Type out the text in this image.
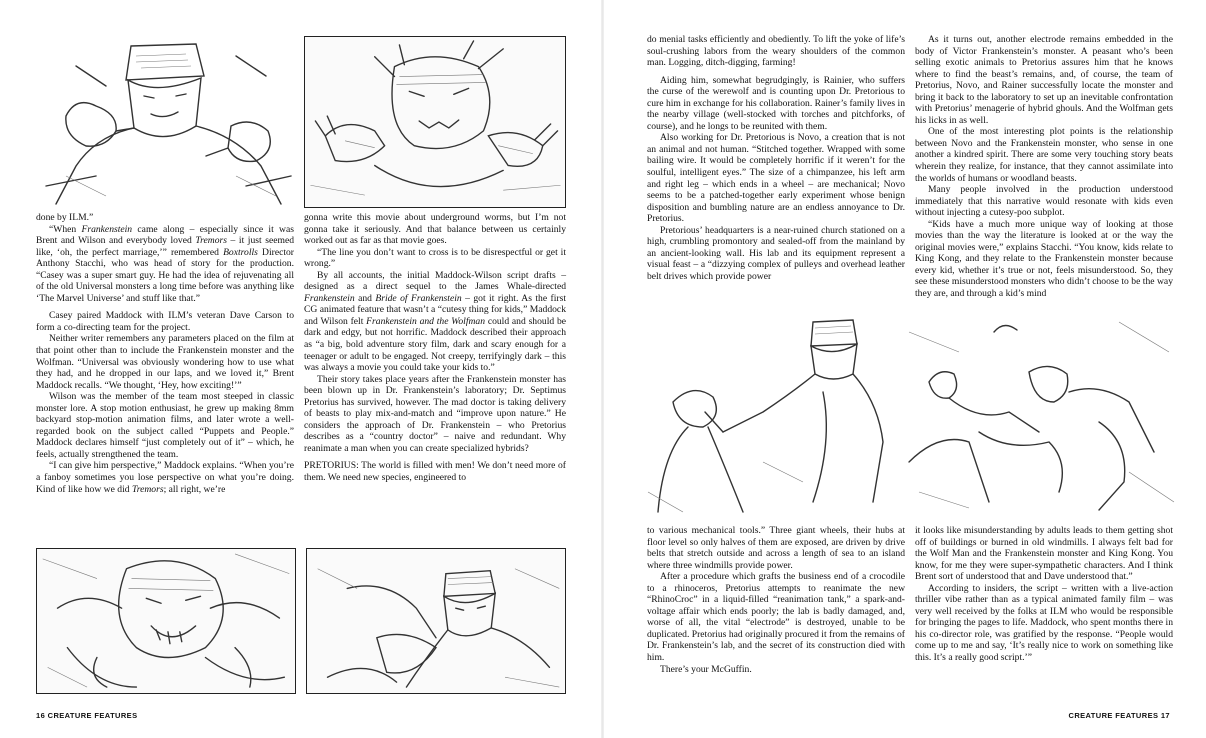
done by ILM.”

“When Frankenstein came along – especially since it was Brent and Wilson and everybody loved Tremors – it just seemed like, ‘oh, the perfect marriage,’” remembered Boxtrolls Director Anthony Stacchi, who was head of story for the production. “Casey was a super smart guy. He had the idea of rejuvenating all of the old Universal monsters a long time before was anything like ‘The Marvel Universe’ and stuff like that.”

Casey paired Maddock with ILM’s veteran Dave Carson to form a co-directing team for the project.

Neither writer remembers any parameters placed on the film at that point other than to include the Frankenstein monster and the Wolfman. “Universal was obviously wondering how to use what they had, and he dropped in our laps, and we loved it,” Brent Maddock recalls. “We thought, ‘Hey, how exciting!’”

Wilson was the member of the team most steeped in classic monster lore. A stop motion enthusiast, he grew up making 8mm backyard stop-motion animation films, and later wrote a well-regarded book on the subject called “Puppets and People.” Maddock declares himself “just completely out of it” – which, he feels, actually strengthened the team.

“I can give him perspective,” Maddock explains. “When you’re a fanboy sometimes you lose perspective on what you’re doing. Kind of like how we did Tremors; all right, we’re

gonna write this movie about underground worms, but I’m not gonna take it seriously. And that balance between us certainly worked out as far as that movie goes.

“The line you don’t want to cross is to be disrespectful or get it wrong.”

By all accounts, the initial Maddock-Wilson script drafts – designed as a direct sequel to the James Whale-directed Frankenstein and Bride of Frankenstein – got it right. As the first CG animated feature that wasn’t a “cutesy thing for kids,” Maddock and Wilson felt Frankenstein and the Wolfman could and should be dark and edgy, but not horrific. Maddock described their approach as “a big, bold adventure story film, dark and scary enough for a teenager or adult to be engaged. Not creepy, terrifyingly dark – this was always a movie you could take your kids to.”

Their story takes place years after the Frankenstein monster has been blown up in Dr. Frankenstein’s laboratory; Dr. Septimus Pretorius has survived, however. The mad doctor is taking delivery of beasts to play mix-and-match and “improve upon nature.” He considers the approach of Dr. Frankenstein – who Pretorius describes as a “country doctor” – naive and redundant. Why reanimate a man when you can create specialized hybrids?

PRETORIUS: The world is filled with men! We don’t need more of them. We need new species, engineered to

16 CREATURE FEATURES

do menial tasks efficiently and obediently. To lift the yoke of life’s soul-crushing labors from the weary shoulders of the common man. Logging, ditch-digging, farming!

Aiding him, somewhat begrudgingly, is Rainier, who suffers the curse of the werewolf and is counting upon Dr. Pretorious to cure him in exchange for his collaboration. Rainer’s family lives in the nearby village (well-stocked with torches and pitchforks, of course), and he longs to be reunited with them.

Also working for Dr. Pretorious is Novo, a creation that is not an animal and not human. “Stitched together. Wrapped with some bailing wire. It would be completely horrific if it weren’t for the soulful, intelligent eyes.” The size of a chimpanzee, his left arm and right leg – which ends in a wheel – are mechanical; Novo seems to be a patched-together early experiment whose benign disposition and bumbling nature are an endless annoyance to Dr. Pretorius.

Pretorious’ headquarters is a near-ruined church stationed on a high, crumbling promontory and sealed-off from the mainland by an ancient-looking wall. His lab and its equipment represent a visual feast – a “dizzying complex of pulleys and overhead leather belt drives which provide power

As it turns out, another electrode remains embedded in the body of Victor Frankenstein’s monster. A peasant who’s been selling exotic animals to Pretorius assures him that he knows where to find the beast’s remains, and, of course, the team of Pretorius, Novo, and Rainer successfully locate the monster and bring it back to the laboratory to set up an inevitable confrontation with Pretorius’ menagerie of hybrid ghouls. And the Wolfman gets his licks in as well.

One of the most interesting plot points is the relationship between Novo and the Frankenstein monster, who sense in one another a kindred spirit. There are some very touching story beats wherein they realize, for instance, that they cannot assimilate into the worlds of humans or woodland beasts.

Many people involved in the production understood immediately that this narrative would resonate with kids even without injecting a cutesy-poo subplot.

“Kids have a much more unique way of looking at those movies than the way the literature is looked at or the way the original movies were,” explains Stacchi. “You know, kids relate to King Kong, and they relate to the Frankenstein monster because every kid, whether it’s true or not, feels misunderstood. So, they see these misunderstood monsters who didn’t choose to be the way they are, and through a kid’s mind

to various mechanical tools.” Three giant wheels, their hubs at floor level so only halves of them are exposed, are driven by drive belts that stretch outside and across a length of sea to an island where three windmills provide power.

After a procedure which grafts the business end of a crocodile to a rhinoceros, Pretorius attempts to reanimate the new “RhinoCroc” in a liquid-filled “reanimation tank,” a spark-and-voltage affair which ends poorly; the lab is badly damaged, and, worse of all, the vital “electrode” is destroyed, unable to be duplicated. Pretorius had originally procured it from the remains of Dr. Frankenstein’s lab, and the secret of its construction died with him.

There’s your McGuffin.

it looks like misunderstanding by adults leads to them getting shot off of buildings or burned in old windmills. I always felt bad for the Wolf Man and the Frankenstein monster and King Kong. You know, for me they were super-sympathetic characters. And I think Brent sort of understood that and Dave understood that.”

According to insiders, the script – written with a live-action thriller vibe rather than as a typical animated family film – was very well received by the folks at ILM who would be responsible for bringing the pages to life. Maddock, who spent months there in his co-director role, was gratified by the response. “People would come up to me and say, ‘It’s really nice to work on something like this. It’s a really good script.’”

CREATURE FEATURES 17
